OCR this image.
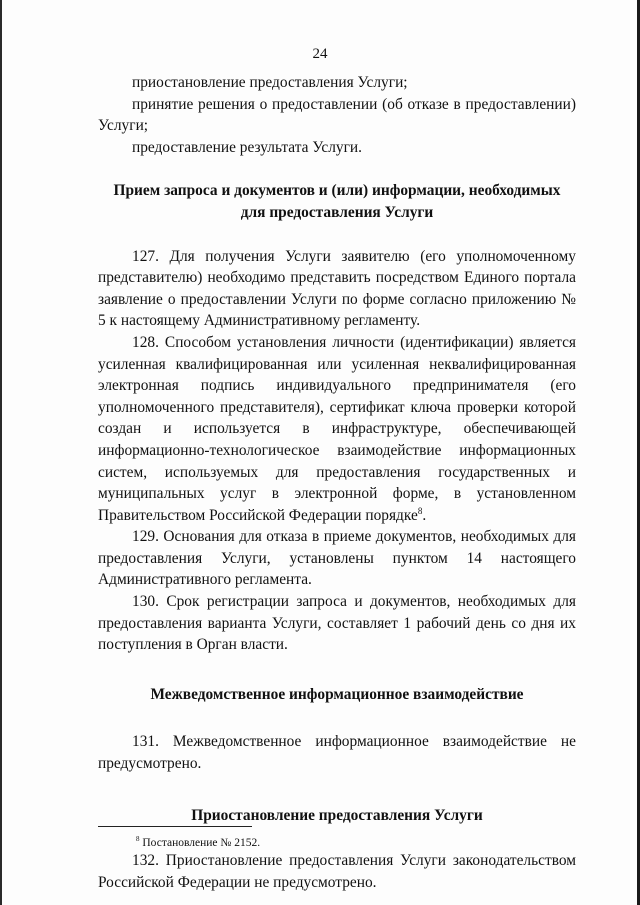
24

приостановление предоставления Услуги;

принятие решения о предоставлении (об отказе в предоставлении) Услуги;

предоставление результата Услуги.

Прием запроса и документов и (или) информации, необходимых
для предоставления Услуги

127. Для получения Услуги заявителю (его уполномоченному представителю) необходимо представить посредством Единого портала заявление о предоставлении Услуги по форме согласно приложению № 5 к настоящему Административному регламенту.

128. Способом установления личности (идентификации) является усиленная квалифицированная или усиленная неквалифицированная электронная подпись индивидуального предпринимателя (его уполномоченного представителя), сертификат ключа проверки которой создан и используется в инфраструктуре, обеспечивающей информационно-технологическое взаимодействие информационных систем, используемых для предоставления государственных и муниципальных услуг в электронной форме, в установленном Правительством Российской Федерации порядке$^8$.

129. Основания для отказа в приеме документов, необходимых для предоставления Услуги, установлены пунктом 14 настоящего Административного регламента.

130. Срок регистрации запроса и документов, необходимых для предоставления варианта Услуги, составляет 1 рабочий день со дня их поступления в Орган власти.

Межведомственное информационное взаимодействие

131. Межведомственное информационное взаимодействие не предусмотрено.

Приостановление предоставления Услуги

132. Приостановление предоставления Услуги законодательством Российской Федерации не предусмотрено.

$^8$ Постановление № 2152.
